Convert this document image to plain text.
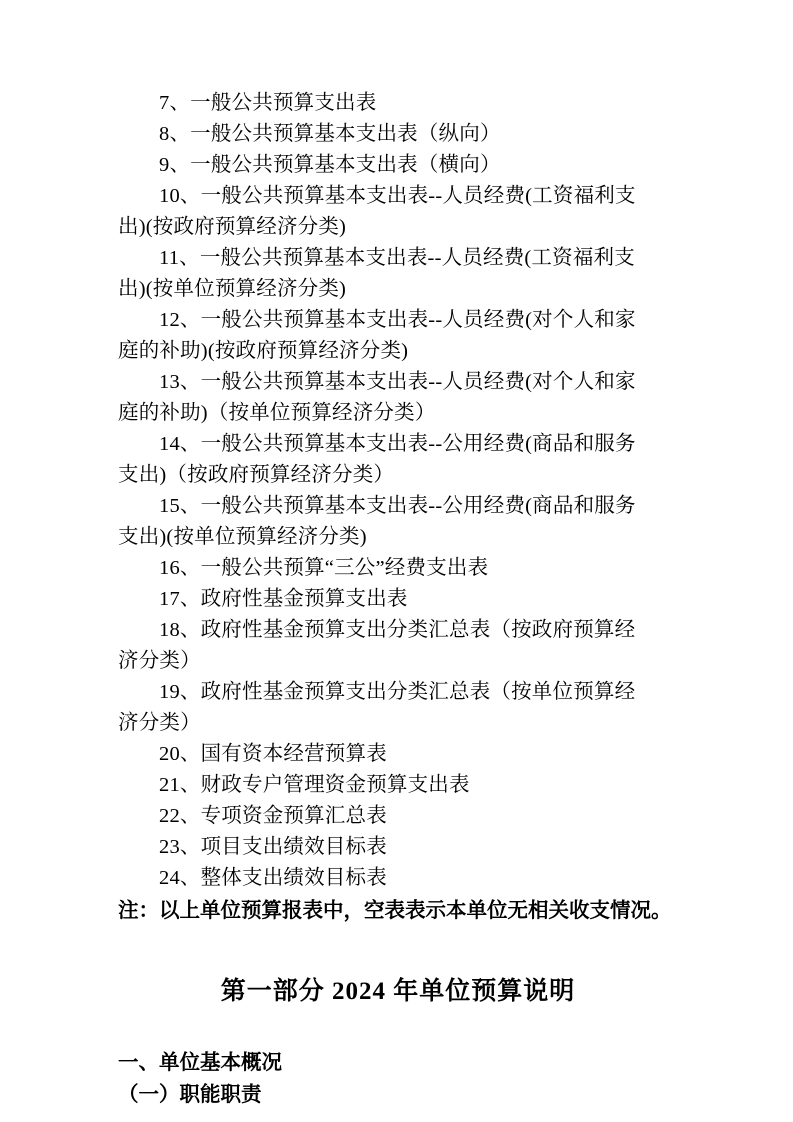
7、一般公共预算支出表
8、一般公共预算基本支出表（纵向）
9、一般公共预算基本支出表（横向）
10、一般公共预算基本支出表--人员经费(工资福利支
出)(按政府预算经济分类)
11、一般公共预算基本支出表--人员经费(工资福利支
出)(按单位预算经济分类)
12、一般公共预算基本支出表--人员经费(对个人和家
庭的补助)(按政府预算经济分类)
13、一般公共预算基本支出表--人员经费(对个人和家
庭的补助)（按单位预算经济分类）
14、一般公共预算基本支出表--公用经费(商品和服务
支出)（按政府预算经济分类）
15、一般公共预算基本支出表--公用经费(商品和服务
支出)(按单位预算经济分类)
16、一般公共预算“三公”经费支出表
17、政府性基金预算支出表
18、政府性基金预算支出分类汇总表（按政府预算经
济分类）
19、政府性基金预算支出分类汇总表（按单位预算经
济分类）
20、国有资本经营预算表
21、财政专户管理资金预算支出表
22、专项资金预算汇总表
23、项目支出绩效目标表
24、整体支出绩效目标表
注：以上单位预算报表中，空表表示本单位无相关收支情况。
第一部分 2024 年单位预算说明
一、单位基本概况
（一）职能职责
